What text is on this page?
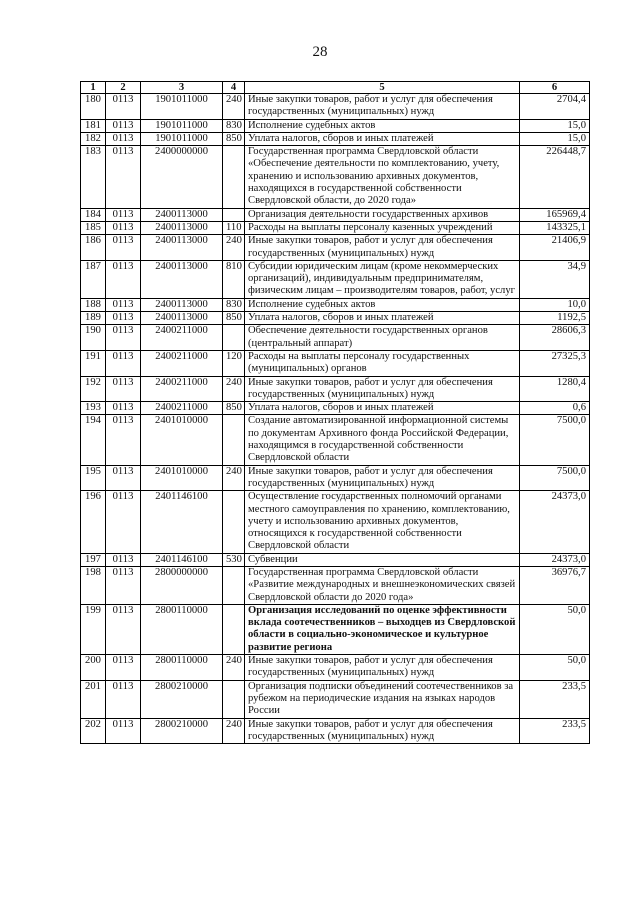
28
1	2	3	4	5	6
180	0113	1901011000	240	Иные закупки товаров, работ и услуг для обеспечения государственных (муниципальных) нужд	2704,4
181	0113	1901011000	830	Исполнение судебных актов	15,0
182	0113	1901011000	850	Уплата налогов, сборов и иных платежей	15,0
183	0113	2400000000		Государственная программа Свердловской области «Обеспечение деятельности по комплектованию, учету, хранению и использованию архивных документов, находящихся в государственной собственности Свердловской области, до 2020 года»	226448,7
184	0113	2400113000		Организация деятельности государственных архивов	165969,4
185	0113	2400113000	110	Расходы на выплаты персоналу казенных учреждений	143325,1
186	0113	2400113000	240	Иные закупки товаров, работ и услуг для обеспечения государственных (муниципальных) нужд	21406,9
187	0113	2400113000	810	Субсидии юридическим лицам (кроме некоммерческих организаций), индивидуальным предпринимателям, физическим лицам – производителям товаров, работ, услуг	34,9
188	0113	2400113000	830	Исполнение судебных актов	10,0
189	0113	2400113000	850	Уплата налогов, сборов и иных платежей	1192,5
190	0113	2400211000		Обеспечение деятельности государственных органов (центральный аппарат)	28606,3
191	0113	2400211000	120	Расходы на выплаты персоналу государственных (муниципальных) органов	27325,3
192	0113	2400211000	240	Иные закупки товаров, работ и услуг для обеспечения государственных (муниципальных) нужд	1280,4
193	0113	2400211000	850	Уплата налогов, сборов и иных платежей	0,6
194	0113	2401010000		Создание автоматизированной информационной системы по документам Архивного фонда Российской Федерации, находящимся в государственной собственности Свердловской области	7500,0
195	0113	2401010000	240	Иные закупки товаров, работ и услуг для обеспечения государственных (муниципальных) нужд	7500,0
196	0113	2401146100		Осуществление государственных полномочий органами местного самоуправления по хранению, комплектованию, учету и использованию архивных документов, относящихся к государственной собственности Свердловской области	24373,0
197	0113	2401146100	530	Субвенции	24373,0
198	0113	2800000000		Государственная программа Свердловской области «Развитие международных и внешнеэкономических связей Свердловской области до 2020 года»	36976,7
199	0113	2800110000		Организация исследований по оценке эффективности вклада соотечественников – выходцев из Свердловской области в социально-экономическое и культурное развитие региона	50,0
200	0113	2800110000	240	Иные закупки товаров, работ и услуг для обеспечения государственных (муниципальных) нужд	50,0
201	0113	2800210000		Организация подписки объединений соотечественников за рубежом на периодические издания на языках народов России	233,5
202	0113	2800210000	240	Иные закупки товаров, работ и услуг для обеспечения государственных (муниципальных) нужд	233,5
